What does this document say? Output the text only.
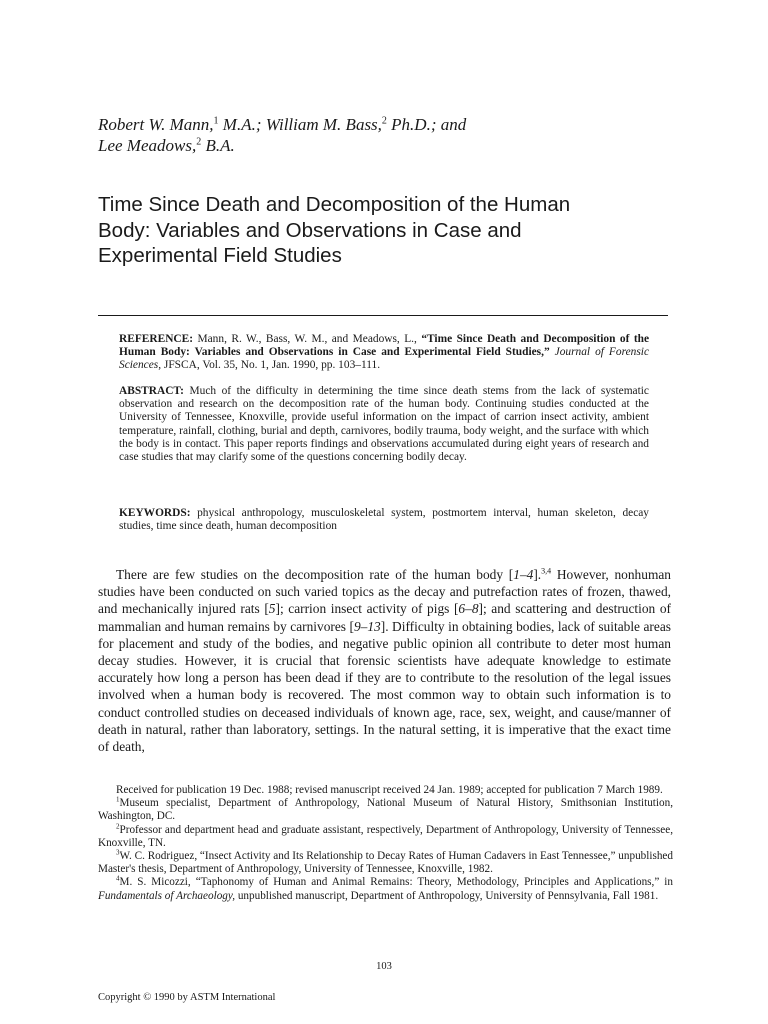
Robert W. Mann,$^1$ M.A.; William M. Bass,$^2$ Ph.D.; and
Lee Meadows,$^2$ B.A.
Time Since Death and Decomposition of the Human
Body: Variables and Observations in Case and
Experimental Field Studies
REFERENCE: Mann, R. W., Bass, W. M., and Meadows, L., “Time Since Death and Decomposition of the Human Body: Variables and Observations in Case and Experimental Field Studies,” Journal of Forensic Sciences, JFSCA, Vol. 35, No. 1, Jan. 1990, pp. 103–111.
ABSTRACT: Much of the difficulty in determining the time since death stems from the lack of systematic observation and research on the decomposition rate of the human body. Continuing studies conducted at the University of Tennessee, Knoxville, provide useful information on the impact of carrion insect activity, ambient temperature, rainfall, clothing, burial and depth, carnivores, bodily trauma, body weight, and the surface with which the body is in contact. This paper reports findings and observations accumulated during eight years of research and case studies that may clarify some of the questions concerning bodily decay.
KEYWORDS: physical anthropology, musculoskeletal system, postmortem interval, human skeleton, decay studies, time since death, human decomposition
There are few studies on the decomposition rate of the human body [1–4].$^{3,4}$ However, nonhuman studies have been conducted on such varied topics as the decay and putrefaction rates of frozen, thawed, and mechanically injured rats [5]; carrion insect activity of pigs [6–8]; and scattering and destruction of mammalian and human remains by carnivores [9–13]. Difficulty in obtaining bodies, lack of suitable areas for placement and study of the bodies, and negative public opinion all contribute to deter most human decay studies. However, it is crucial that forensic scientists have adequate knowledge to estimate accurately how long a person has been dead if they are to contribute to the resolution of the legal issues involved when a human body is recovered. The most common way to obtain such information is to conduct controlled studies on deceased individuals of known age, race, sex, weight, and cause/manner of death in natural, rather than laboratory, settings. In the natural setting, it is imperative that the exact time of death,

Received for publication 19 Dec. 1988; revised manuscript received 24 Jan. 1989; accepted for publication 7 March 1989.

$^1$Museum specialist, Department of Anthropology, National Museum of Natural History, Smithsonian Institution, Washington, DC.

$^2$Professor and department head and graduate assistant, respectively, Department of Anthropology, University of Tennessee, Knoxville, TN.

$^3$W. C. Rodriguez, “Insect Activity and Its Relationship to Decay Rates of Human Cadavers in East Tennessee,” unpublished Master's thesis, Department of Anthropology, University of Tennessee, Knoxville, 1982.

$^4$M. S. Micozzi, “Taphonomy of Human and Animal Remains: Theory, Methodology, Principles and Applications,” in Fundamentals of Archaeology, unpublished manuscript, Department of Anthropology, University of Pennsylvania, Fall 1981.

103
Copyright © 1990 by ASTM International
